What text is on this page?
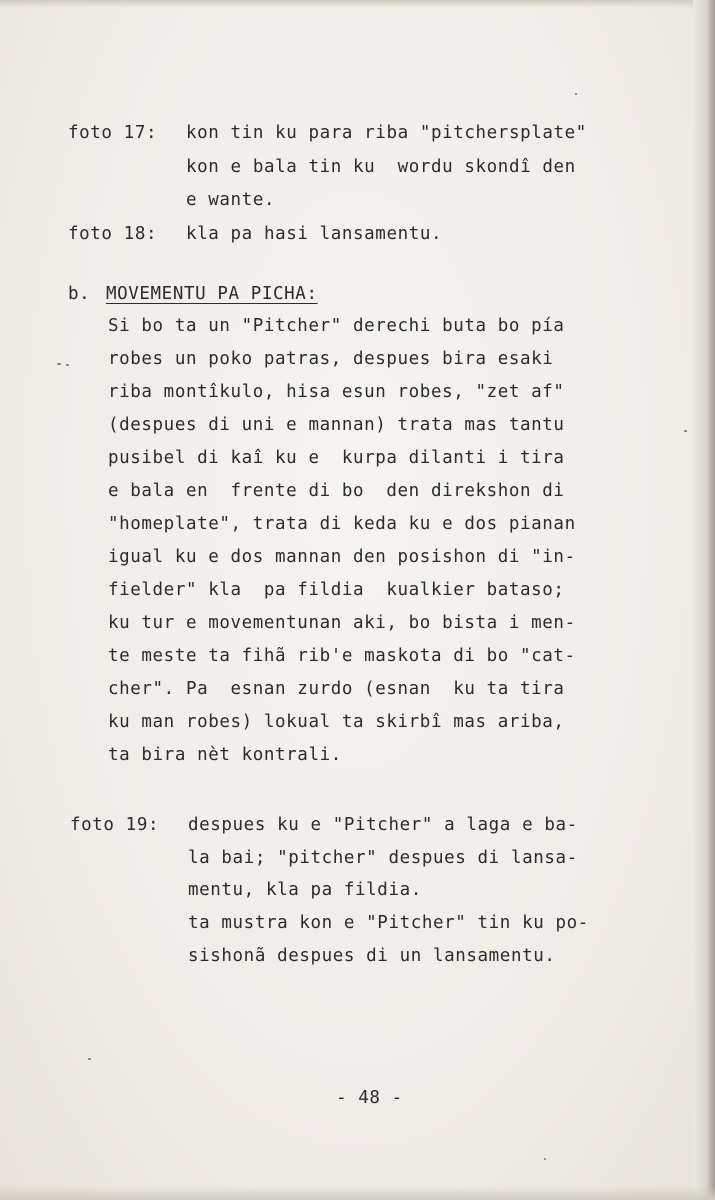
foto 17: kon tin ku para riba "pitchersplate"
kon e bala tin ku  wordu skondî den
e wante.
foto 18: kla pa hasi lansamentu.
b. MOVEMENTU PA PICHA:
Si bo ta un "Pitcher" derechi buta bo pía
robes un poko patras, despues bira esaki
riba montîkulo, hisa esun robes, "zet af"
(despues di uni e mannan) trata mas tantu
pusibel di kaî ku e  kurpa dilanti i tira
e bala en  frente di bo  den direkshon di
"homeplate", trata di keda ku e dos pianan
igual ku e dos mannan den posishon di "in-
fielder" kla  pa fildia  kualkier bataso;
ku tur e movementunan aki, bo bista i men-
te meste ta fihã rib'e maskota di bo "cat-
cher". Pa  esnan zurdo (esnan  ku ta tira
ku man robes) lokual ta skirbî mas ariba,
ta bira nèt kontrali.
foto 19: despues ku e "Pitcher" a laga e ba-
la bai; "pitcher" despues di lansa-
mentu, kla pa fildia.
ta mustra kon e "Pitcher" tin ku po-
sishonã despues di un lansamentu.
- 48 -
